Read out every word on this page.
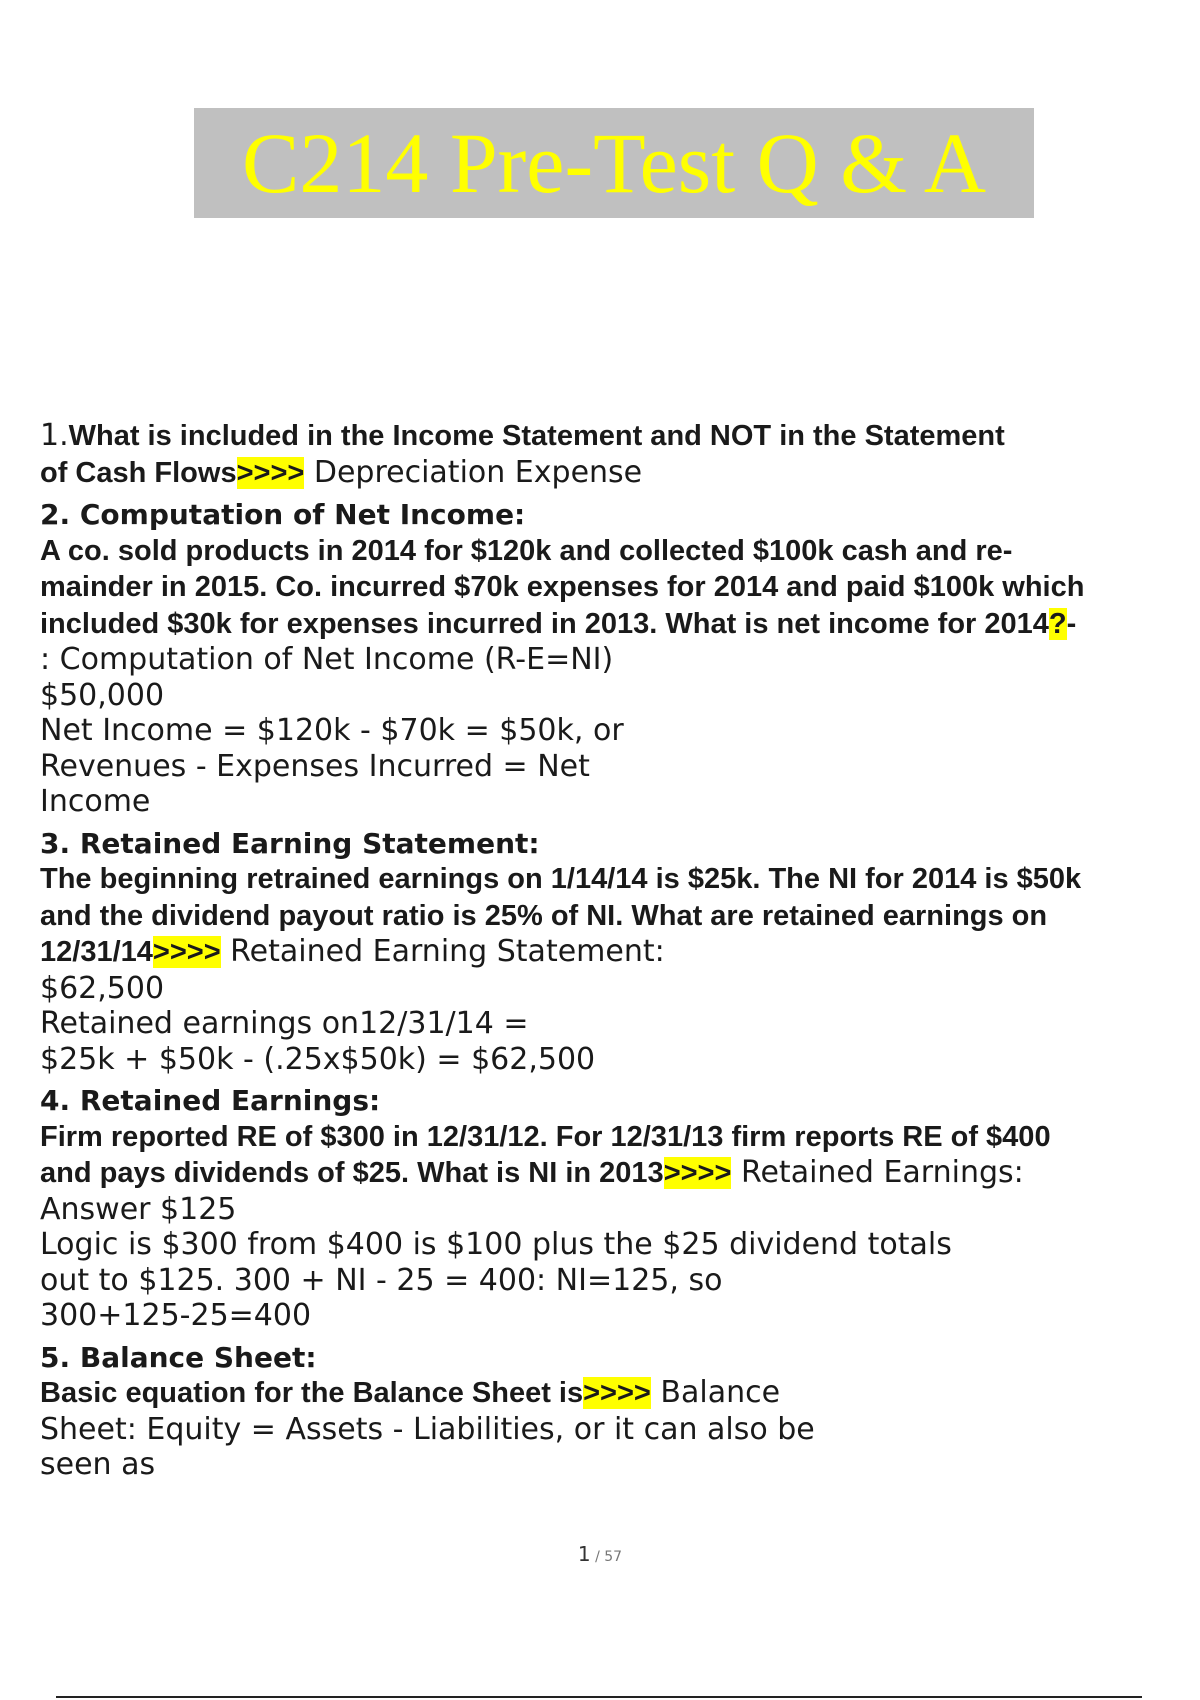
C214 Pre-Test Q & A

1.What is included in the Income Statement and NOT in the Statement

of Cash Flows>>>> Depreciation Expense

2. Computation of Net Income:

A co. sold products in 2014 for $120k and collected $100k cash and re-

mainder in 2015. Co. incurred $70k expenses for 2014 and paid $100k which

included $30k for expenses incurred in 2013. What is net income for 2014?-

: Computation of Net Income (R-E=NI)

$50,000

Net Income = $120k - $70k = $50k, or

Revenues - Expenses Incurred = Net

Income

3. Retained Earning Statement:

The beginning retrained earnings on 1/14/14 is $25k. The NI for 2014 is $50k

and the dividend payout ratio is 25% of NI. What are retained earnings on

12/31/14>>>> Retained Earning Statement:

$62,500

Retained earnings on12/31/14 =

$25k + $50k - (.25x$50k) = $62,500

4. Retained Earnings:

Firm reported RE of $300 in 12/31/12. For 12/31/13 firm reports RE of $400

and pays dividends of $25. What is NI in 2013>>>> Retained Earnings:

Answer $125

Logic is $300 from $400 is $100 plus the $25 dividend totals

out to $125. 300 + NI - 25 = 400: NI=125, so

300+125-25=400

5. Balance Sheet:

Basic equation for the Balance Sheet is>>>> Balance

Sheet: Equity = Assets - Liabilities, or it can also be

seen as

1 / 57
